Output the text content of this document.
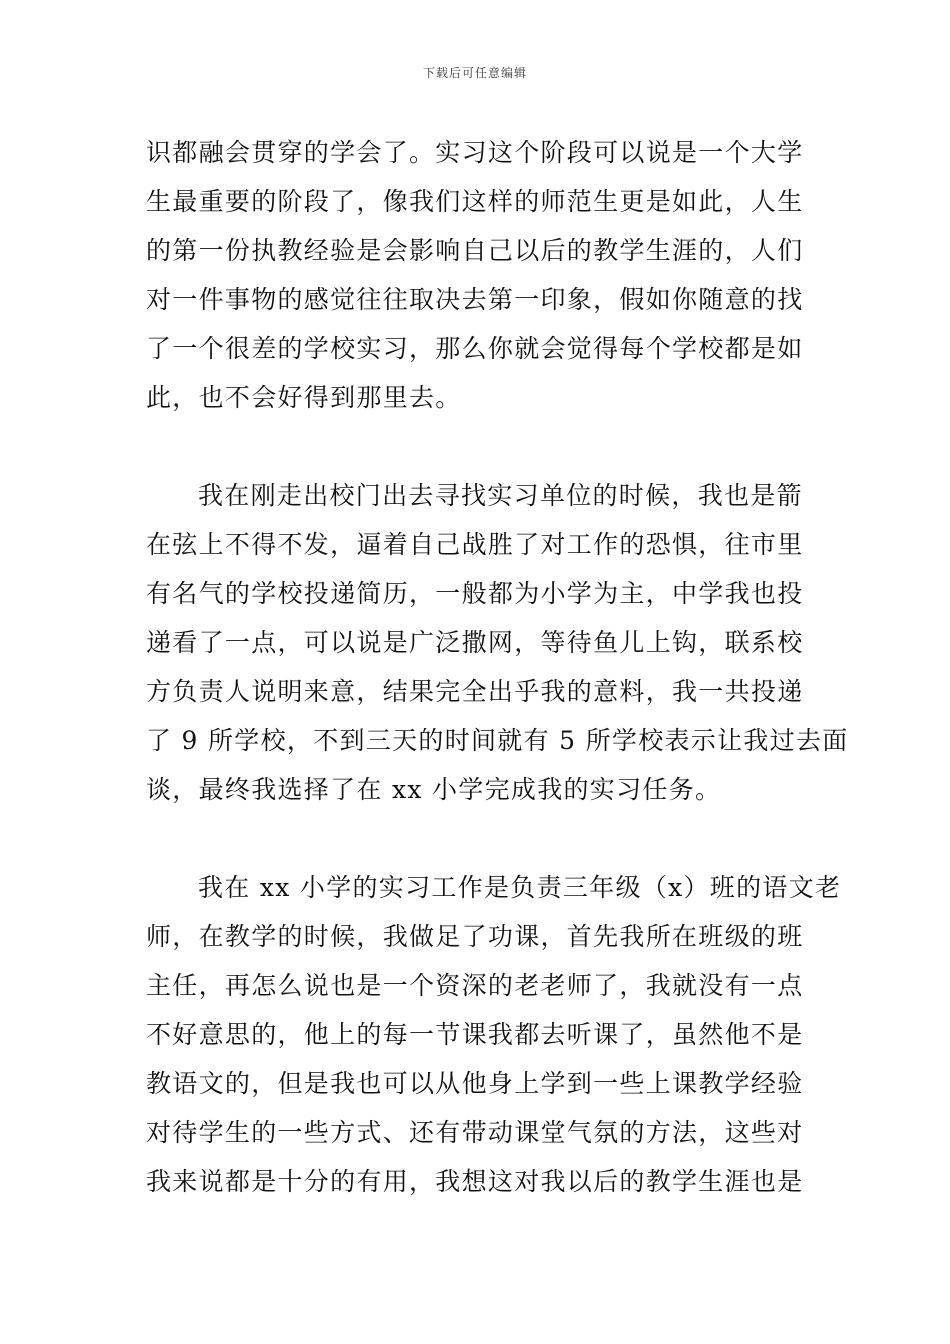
下载后可任意编辑
识都融会贯穿的学会了。实习这个阶段可以说是一个大学
生最重要的阶段了，像我们这样的师范生更是如此，人生
的第一份执教经验是会影响自己以后的教学生涯的，人们
对一件事物的感觉往往取决去第一印象，假如你随意的找
了一个很差的学校实习，那么你就会觉得每个学校都是如
此，也不会好得到那里去。
我在刚走出校门出去寻找实习单位的时候，我也是箭
在弦上不得不发，逼着自己战胜了对工作的恐惧，往市里
有名气的学校投递简历，一般都为小学为主，中学我也投
递看了一点，可以说是广泛撒网，等待鱼儿上钩，联系校
方负责人说明来意，结果完全出乎我的意料，我一共投递
了 9 所学校，不到三天的时间就有 5 所学校表示让我过去面
谈，最终我选择了在 xx 小学完成我的实习任务。
我在 xx 小学的实习工作是负责三年级（x）班的语文老
师，在教学的时候，我做足了功课，首先我所在班级的班
主任，再怎么说也是一个资深的老老师了，我就没有一点
不好意思的，他上的每一节课我都去听课了，虽然他不是
教语文的，但是我也可以从他身上学到一些上课教学经验
对待学生的一些方式、还有带动课堂气氛的方法，这些对
我来说都是十分的有用，我想这对我以后的教学生涯也是
